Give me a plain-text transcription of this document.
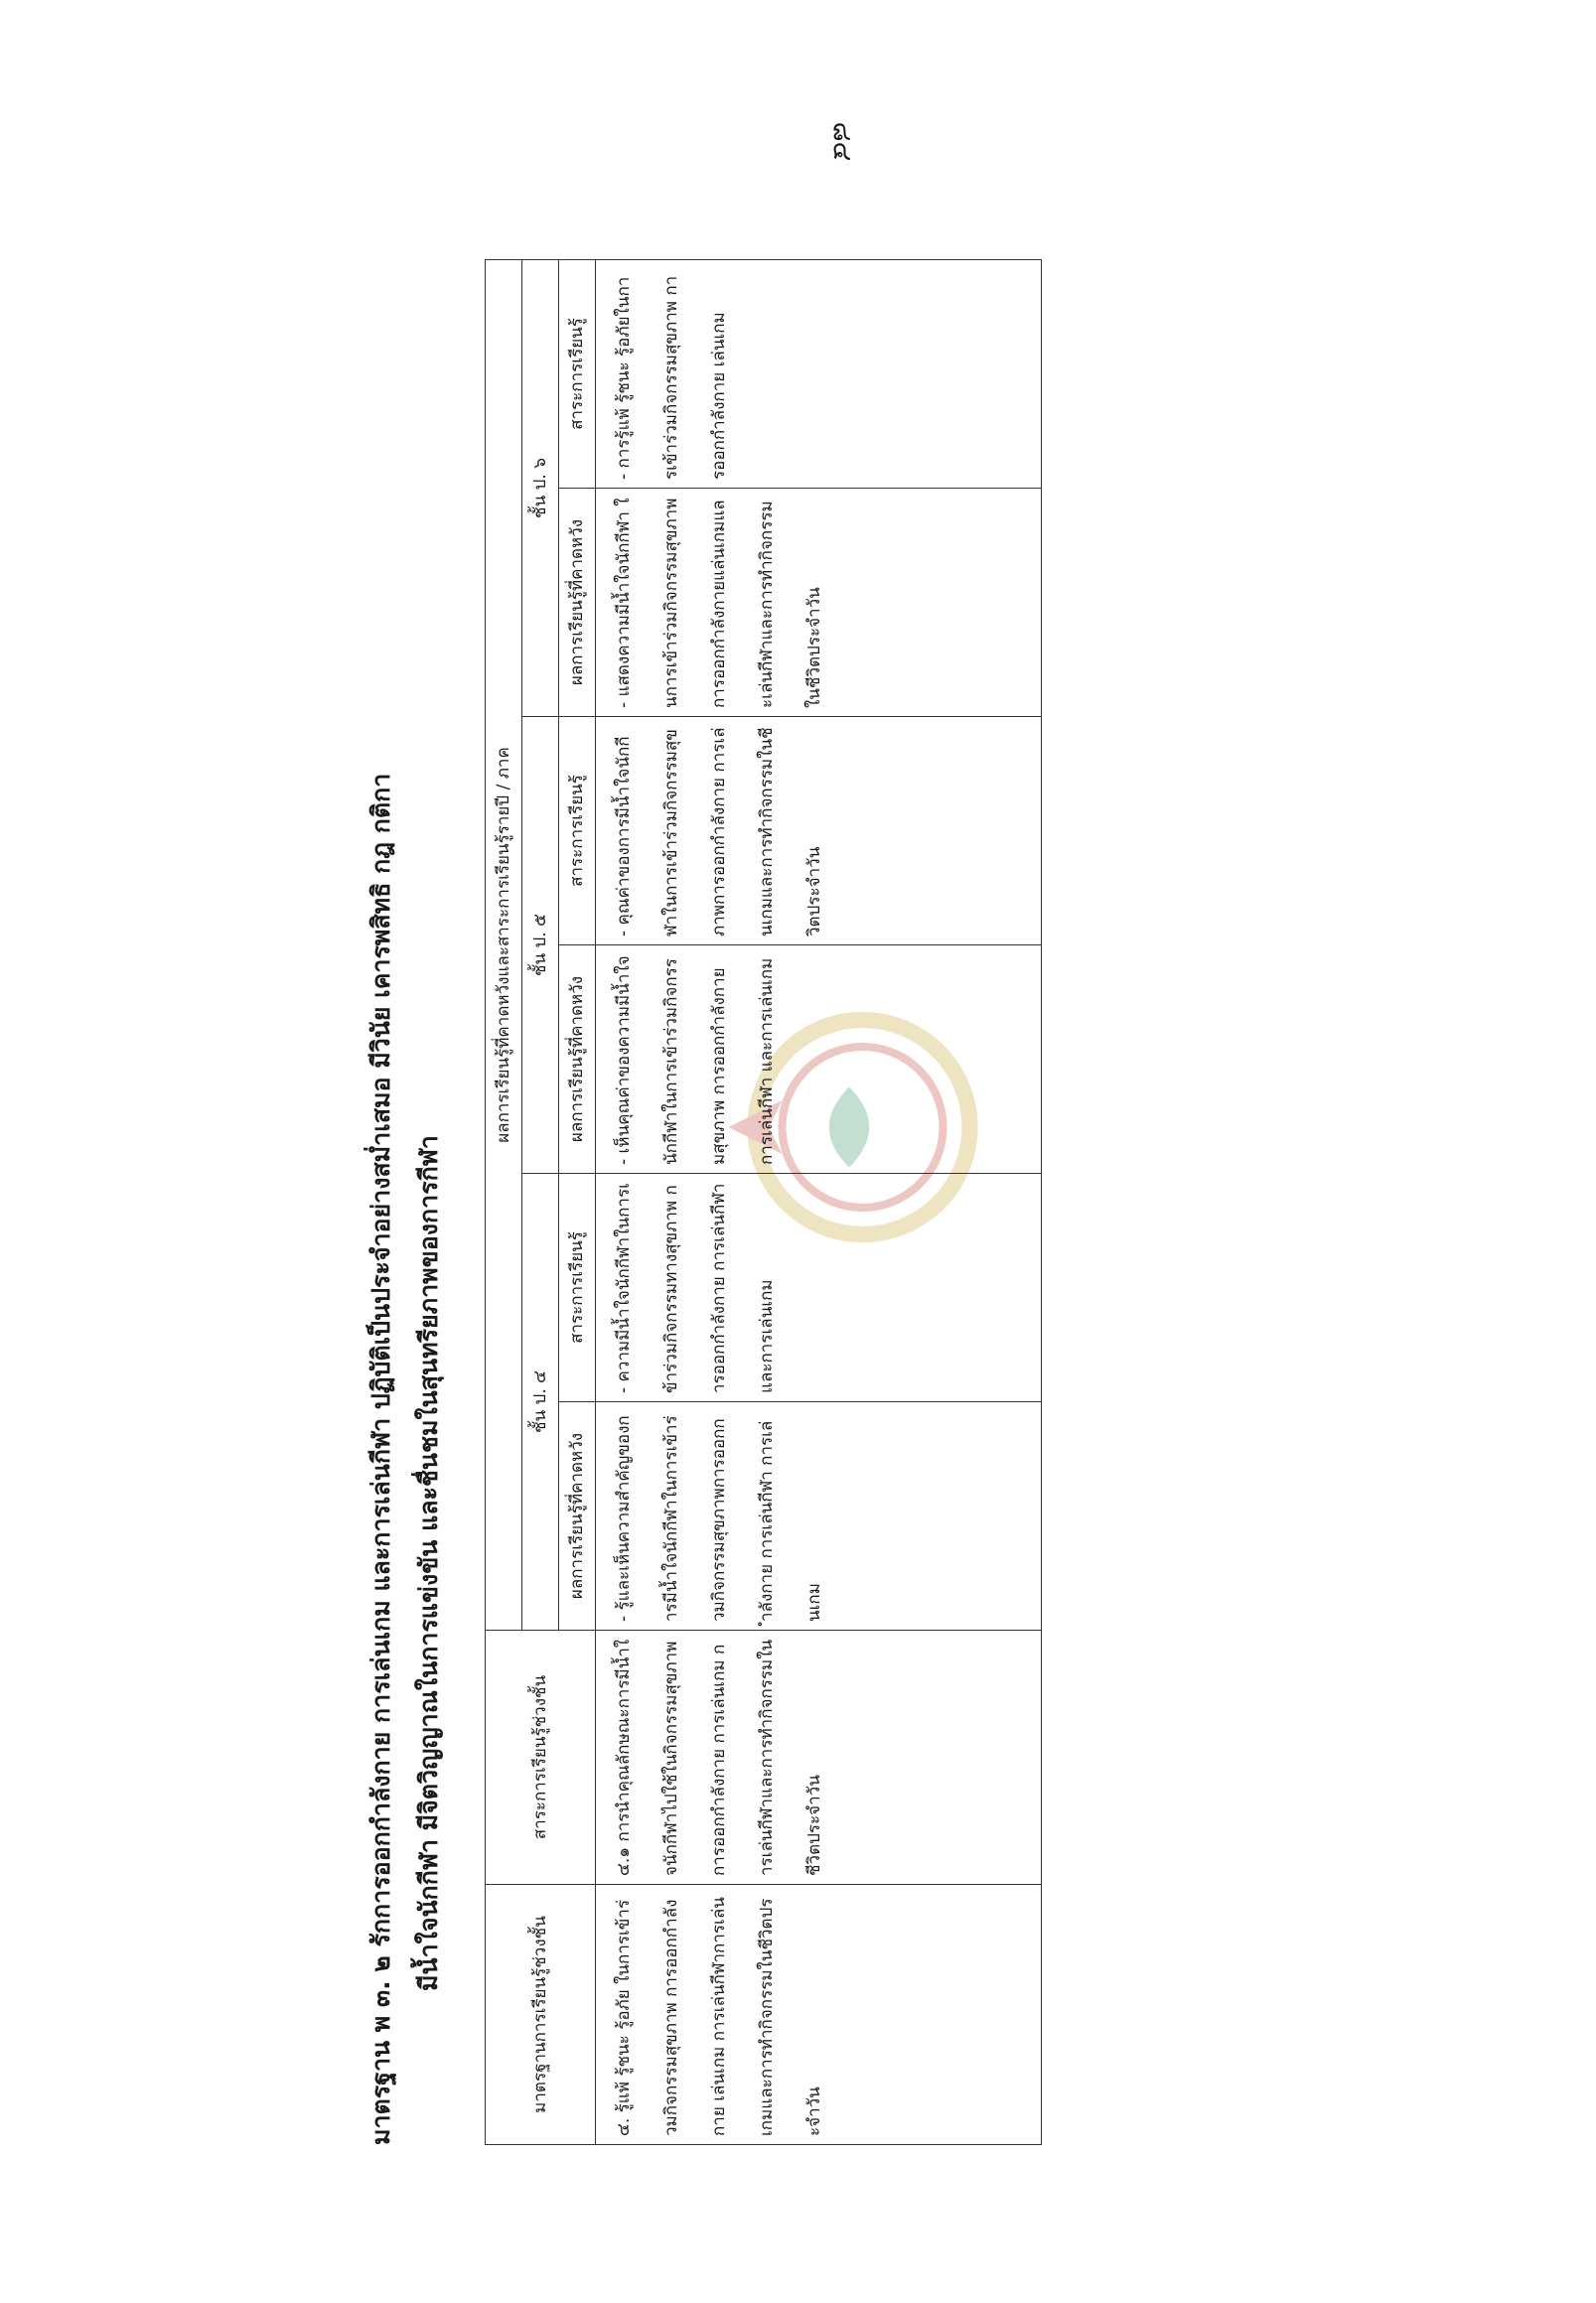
๘๔
มาตรฐาน พ ๓. ๒ รักการออกกำลังกาย การเล่นเกม และการเล่นกีฬา ปฏิบัติเป็นประจำอย่างสม่ำเสมอ มีวินัย เคารพสิทธิ กฎ กติกา มีน้ำใจนักกีฬา มีจิตวิญญาณในการแข่งขัน และชื่นชมในสุนทรียภาพของการกีฬา
มาตรฐานการเรียนรู้ช่วงชั้น	สาระการเรียนรู้ช่วงชั้น	ผลการเรียนรู้ที่คาดหวังและสาระการเรียนรู้รายปี / ภาค					
		ชั้น ป. ๔		ชั้น ป. ๕		ชั้น ป. ๖	
		ผลการเรียนรู้ที่คาดหวัง	สาระการเรียนรู้	ผลการเรียนรู้ที่คาดหวัง	สาระการเรียนรู้	ผลการเรียนรู้ที่คาดหวัง	สาระการเรียนรู้
๔. รู้แพ้ รู้ชนะ รู้อภัย ในการเข้าร่วมกิจกรรมสุขภาพ การออกกำลังกาย เล่นเกม การเล่นกีฬาการเล่นเกมและการทำกิจกรรมในชีวิตประจำวัน	๔.๑ การนำคุณลักษณะการมีน้ำใจนักกีฬาไปใช้ในกิจกรรมสุขภาพ การออกกำลังกาย การเล่นเกม การเล่นกีฬาและการทำกิจกรรมในชีวิตประจำวัน	- รู้และเห็นความสำคัญของการมีน้ำใจนักกีฬาในการเข้าร่วมกิจกรรมสุขภาพการออกกำลังกาย การเล่นกีฬา การเล่นเกม	- ความมีน้ำใจนักกีฬาในการเข้าร่วมกิจกรรมทางสุขภาพ การออกกำลังกาย การเล่นกีฬาและการเล่นเกม	- เห็นคุณค่าของความมีน้ำใจนักกีฬาในการเข้าร่วมกิจกรรมสุขภาพ การออกกำลังกาย การเล่นกีฬา และการเล่นเกม	- คุณค่าของการมีน้ำใจนักกีฬาในการเข้าร่วมกิจกรรมสุขภาพการออกกำลังกาย การเล่นเกมและการทำกิจกรรมในชีวิตประจำวัน	- แสดงความมีน้ำใจนักกีฬา ในการเข้าร่วมกิจกรรมสุขภาพ การออกกำลังกายแล่นเกมและเล่นกีฬาและการทำกิจกรรมในชีวิตประจำวัน	- การรู้แพ้ รู้ชนะ รู้อภัยในการเข้าร่วมกิจกรรมสุขภาพ การออกกำลังกาย เล่นเกม
